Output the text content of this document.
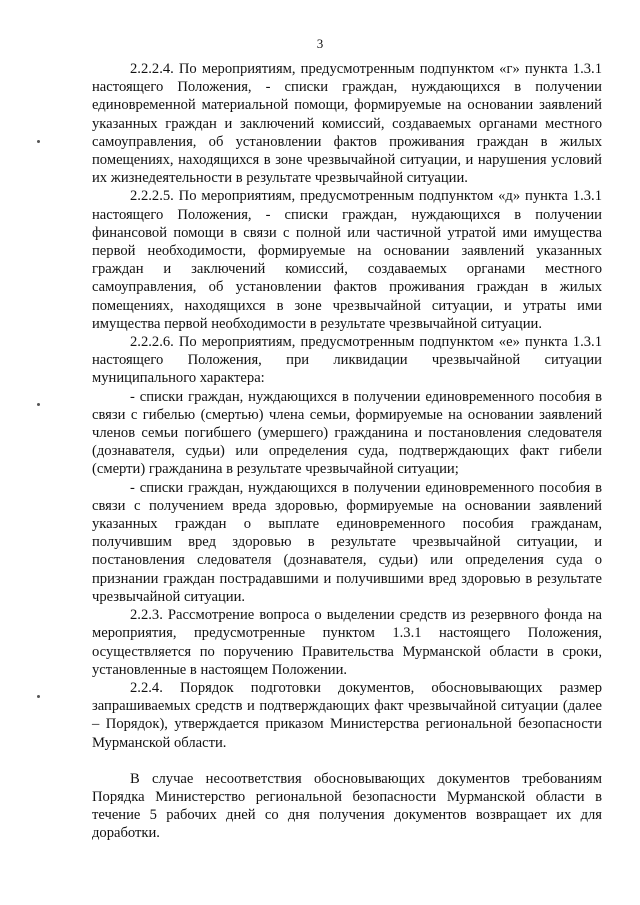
3

2.2.2.4. По мероприятиям, предусмотренным подпунктом «г» пункта 1.3.1 настоящего Положения, - списки граждан, нуждающихся в получении единовременной материальной помощи, формируемые на основании заявлений указанных граждан и заключений комиссий, создаваемых органами местного самоуправления, об установлении фактов проживания граждан в жилых помещениях, находящихся в зоне чрезвычайной ситуации, и нарушения условий их жизнедеятельности в результате чрезвычайной ситуации.

2.2.2.5. По мероприятиям, предусмотренным подпунктом «д» пункта 1.3.1 настоящего Положения, - списки граждан, нуждающихся в получении финансовой помощи в связи с полной или частичной утратой ими имущества первой необходимости, формируемые на основании заявлений указанных граждан и заключений комиссий, создаваемых органами местного самоуправления, об установлении фактов проживания граждан в жилых помещениях, находящихся в зоне чрезвычайной ситуации, и утраты ими имущества первой необходимости в результате чрезвычайной ситуации.

2.2.2.6. По мероприятиям, предусмотренным подпунктом «е» пункта 1.3.1 настоящего Положения, при ликвидации чрезвычайной ситуации муниципального характера:

- списки граждан, нуждающихся в получении единовременного пособия в связи с гибелью (смертью) члена семьи, формируемые на основании заявлений членов семьи погибшего (умершего) гражданина и постановления следователя (дознавателя, судьи) или определения суда, подтверждающих факт гибели (смерти) гражданина в результате чрезвычайной ситуации;

- списки граждан, нуждающихся в получении единовременного пособия в связи с получением вреда здоровью, формируемые на основании заявлений указанных граждан о выплате единовременного пособия гражданам, получившим вред здоровью в результате чрезвычайной ситуации, и постановления следователя (дознавателя, судьи) или определения суда о признании граждан пострадавшими и получившими вред здоровью в результате чрезвычайной ситуации.

2.2.3. Рассмотрение вопроса о выделении средств из резервного фонда на мероприятия, предусмотренные пунктом 1.3.1 настоящего Положения, осуществляется по поручению Правительства Мурманской области в сроки, установленные в настоящем Положении.

2.2.4. Порядок подготовки документов, обосновывающих размер запрашиваемых средств и подтверждающих факт чрезвычайной ситуации (далее – Порядок), утверждается приказом Министерства региональной безопасности Мурманской области.

В случае несоответствия обосновывающих документов требованиям Порядка Министерство региональной безопасности Мурманской области в течение 5 рабочих дней со дня получения документов возвращает их для доработки.
